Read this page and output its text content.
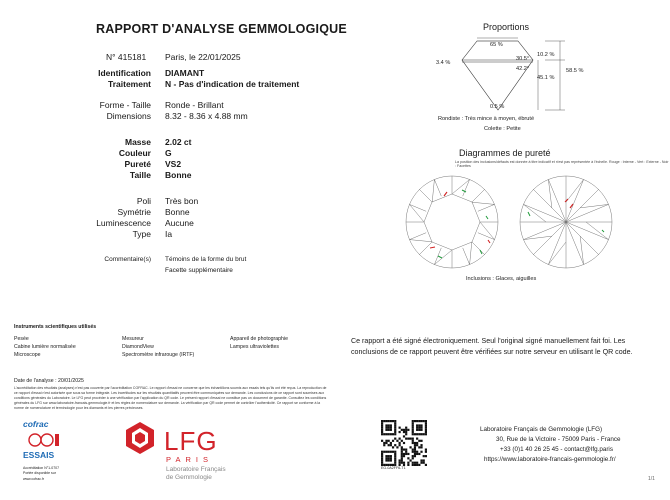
RAPPORT D'ANALYSE GEMMOLOGIQUE
N° 415181 Paris, le 22/01/2025
Identification DIAMANT
Traitement N - Pas d'indication de traitement
Forme - Taille Ronde - Brillant
Dimensions 8.32 - 8.36 x 4.88 mm
Masse 2.02 ct
Couleur G
Pureté VS2
Taille Bonne
Poli Très bon
Symétrie Bonne
Luminescence Aucune
Type Ia
Commentaire(s) Témoins de la forme du brut
Facette supplémentaire
Proportions
65 %
30.5°
42.2°
10.2 %
45.1 %
58.5 %
3.4 %
0.5 %
Rondiste : Très mince à moyen, ébruté
Colette : Petite
Diagrammes de pureté
La position des inclusions/défauts est donnée à titre indicatif et n'est pas représentée à l'échelle. Rouge : Interne - Vert : Externe - Noir : Facettes
Inclusions : Glaces, aiguilles
Instruments scientifiques utilisés
Pesée
Cabine lumière normalisée
Microscope
Mesureur
DiamondView
Spectromètre infrarouge (IRTF)
Appareil de photographie
Lampes ultraviolettes
Ce rapport a été signé électroniquement. Seul l'original signé manuellement fait foi. Les
conclusions de ce rapport peuvent être vérifiées sur notre serveur en utilisant le QR code.
Date de l'analyse : 20/01/2025
L'accréditation des résultats (analyses) n'est pas couverte par l'accréditation COFRAC. Le rapport d'essai ne concerne que les échantillons soumis aux essais tels qu'ils ont été reçus. La reproduction de ce rapport d'essai n'est autorisée que sous sa forme intégrale. Les incertitudes sur les résultats quantitatifs peuvent être communiquées sur demande. Les conclusions de ce rapport sont soumises aux conditions générales du Laboratoire. Le LFG peut procéder à une vérification par l'application du QR code. Le présent rapport d'essai ne constitue pas un document de garantie. Consultez les conditions générales du LFG sur www.laboratoire-francais-gemmologie.fr et les règles de nomenclature sur demande. La vérification par QR code permet de contrôler l'authenticité. Ce rapport se conforme à la norme de nomenclature et terminologie pour les diamants et les pierres précieuses.
cofrac
ESSAIS
Accréditation N°1-0707
Portée disponible sur
www.cofrac.fr
LFG
PARIS
Laboratoire Français
de Gemmologie
EG-0A2FF6-T1
Laboratoire Français de Gemmologie (LFG)
30, Rue de la Victoire - 75009 Paris - France
+33 (0)1 40 26 25 45 - contact@lfg.paris
https://www.laboratoire-francais-gemmologie.fr/
1/1
